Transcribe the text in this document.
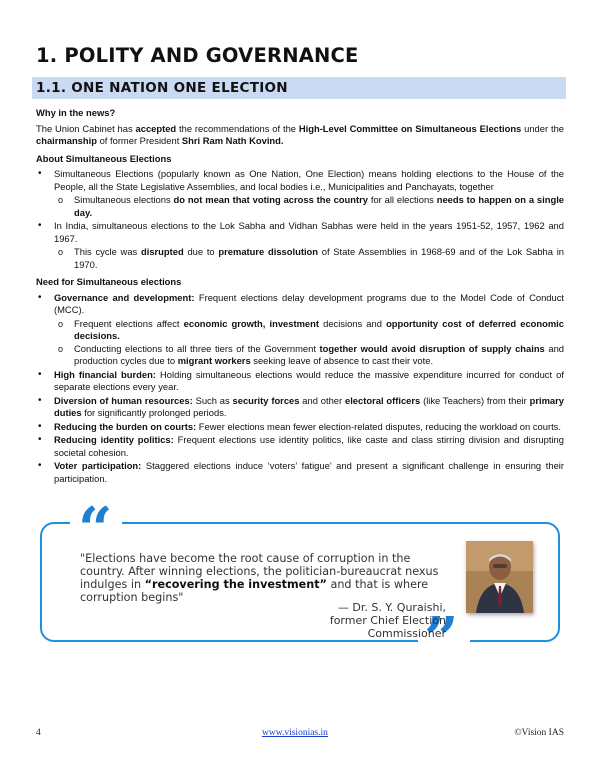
1. POLITY AND GOVERNANCE
1.1. ONE NATION ONE ELECTION
Why in the news?
The Union Cabinet has accepted the recommendations of the High-Level Committee on Simultaneous Elections under the chairmanship of former President Shri Ram Nath Kovind.
About Simultaneous Elections
• Simultaneous Elections (popularly known as One Nation, One Election) means holding elections to the House of the People, all the State Legislative Assemblies, and local bodies i.e., Municipalities and Panchayats, together
o Simultaneous elections do not mean that voting across the country for all elections needs to happen on a single day.
• In India, simultaneous elections to the Lok Sabha and Vidhan Sabhas were held in the years 1951-52, 1957, 1962 and 1967.
o This cycle was disrupted due to premature dissolution of State Assemblies in 1968-69 and of the Lok Sabha in 1970.
Need for Simultaneous elections
• Governance and development: Frequent elections delay development programs due to the Model Code of Conduct (MCC).
o Frequent elections affect economic growth, investment decisions and opportunity cost of deferred economic decisions.
o Conducting elections to all three tiers of the Government together would avoid disruption of supply chains and production cycles due to migrant workers seeking leave of absence to cast their vote.
• High financial burden: Holding simultaneous elections would reduce the massive expenditure incurred for conduct of separate elections every year.
• Diversion of human resources: Such as security forces and other electoral officers (like Teachers) from their primary duties for significantly prolonged periods.
• Reducing the burden on courts: Fewer elections mean fewer election-related disputes, reducing the workload on courts.
• Reducing identity politics: Frequent elections use identity politics, like caste and class stirring division and disrupting societal cohesion.
• Voter participation: Staggered elections induce ‘voters’ fatigue’ and present a significant challenge in ensuring their participation.
“
”
"Elections have become the root cause of corruption in the country. After winning elections, the politician-bureaucrat nexus indulges in “recovering the investment” and that is where corruption begins"
— Dr. S. Y. Quraishi,
former Chief Election Commissioner
4	www.visionias.in	©Vision IAS
